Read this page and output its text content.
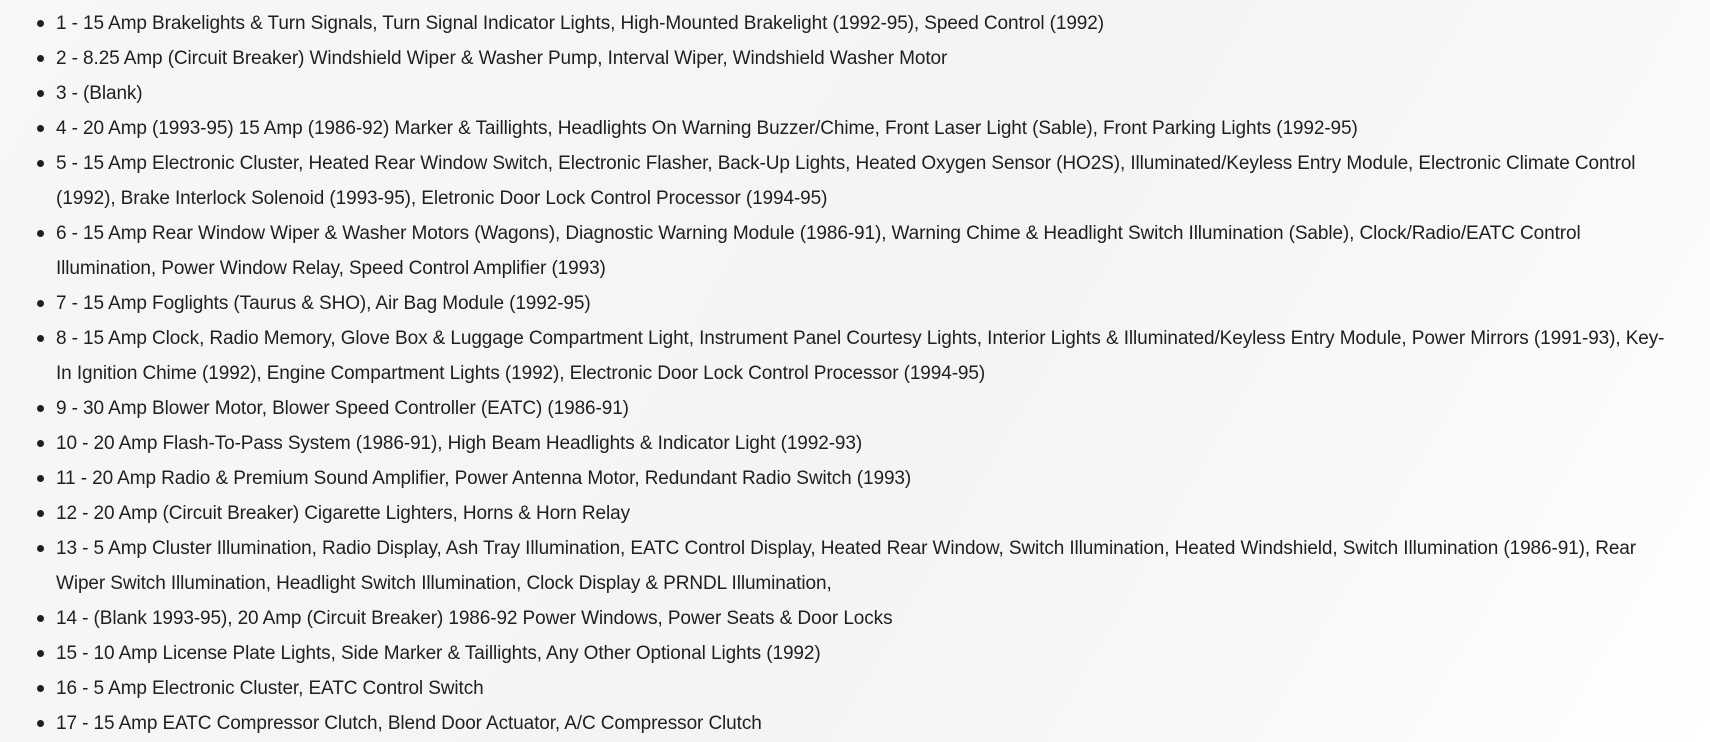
1 - 15 Amp Brakelights & Turn Signals, Turn Signal Indicator Lights, High-Mounted Brakelight (1992-95), Speed Control (1992)
2 - 8.25 Amp (Circuit Breaker) Windshield Wiper & Washer Pump, Interval Wiper, Windshield Washer Motor
3 - (Blank)
4 - 20 Amp (1993-95) 15 Amp (1986-92) Marker & Taillights, Headlights On Warning Buzzer/Chime, Front Laser Light (Sable), Front Parking Lights (1992-95)
5 - 15 Amp Electronic Cluster, Heated Rear Window Switch, Electronic Flasher, Back-Up Lights, Heated Oxygen Sensor (HO2S), Illuminated/Keyless Entry Module, Electronic Climate Control (1992), Brake Interlock Solenoid (1993-95), Eletronic Door Lock Control Processor (1994-95)
6 - 15 Amp Rear Window Wiper & Washer Motors (Wagons), Diagnostic Warning Module (1986-91), Warning Chime & Headlight Switch Illumination (Sable), Clock/Radio/EATC Control Illumination, Power Window Relay, Speed Control Amplifier (1993)
7 - 15 Amp Foglights (Taurus & SHO), Air Bag Module (1992-95)
8 - 15 Amp Clock, Radio Memory, Glove Box & Luggage Compartment Light, Instrument Panel Courtesy Lights, Interior Lights & Illuminated/Keyless Entry Module, Power Mirrors (1991-93), Key-In Ignition Chime (1992), Engine Compartment Lights (1992), Electronic Door Lock Control Processor (1994-95)
9 - 30 Amp Blower Motor, Blower Speed Controller (EATC) (1986-91)
10 - 20 Amp Flash-To-Pass System (1986-91), High Beam Headlights & Indicator Light (1992-93)
11 - 20 Amp Radio & Premium Sound Amplifier, Power Antenna Motor, Redundant Radio Switch (1993)
12 - 20 Amp (Circuit Breaker) Cigarette Lighters, Horns & Horn Relay
13 - 5 Amp Cluster Illumination, Radio Display, Ash Tray Illumination, EATC Control Display, Heated Rear Window, Switch Illumination, Heated Windshield, Switch Illumination (1986-91), Rear Wiper Switch Illumination, Headlight Switch Illumination, Clock Display & PRNDL Illumination,
14 - (Blank 1993-95), 20 Amp (Circuit Breaker) 1986-92 Power Windows, Power Seats & Door Locks
15 - 10 Amp License Plate Lights, Side Marker & Taillights, Any Other Optional Lights (1992)
16 - 5 Amp Electronic Cluster, EATC Control Switch
17 - 15 Amp EATC Compressor Clutch, Blend Door Actuator, A/C Compressor Clutch
